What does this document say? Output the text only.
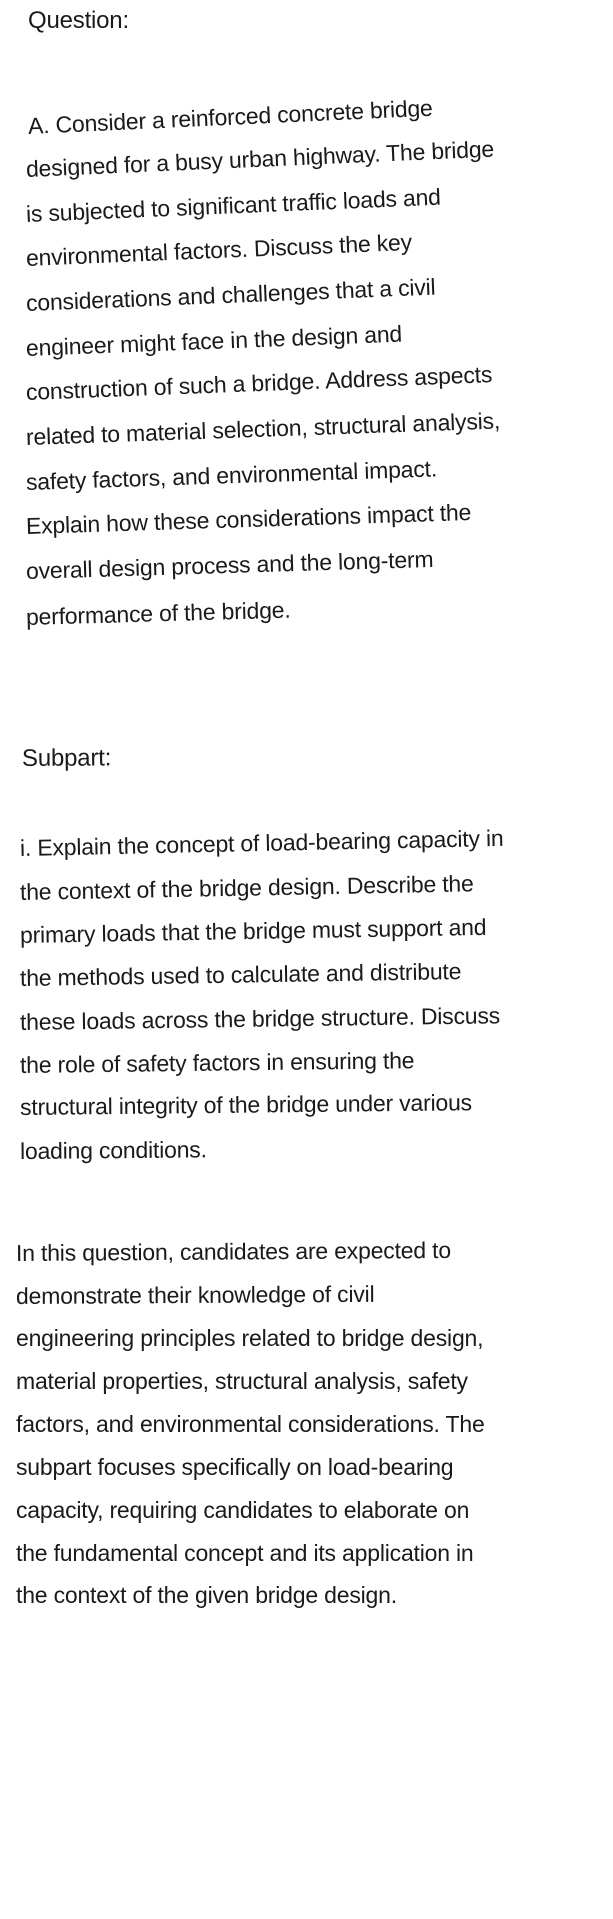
Question:
A. Consider a reinforced concrete bridge
designed for a busy urban highway. The bridge
is subjected to significant traffic loads and
environmental factors. Discuss the key
considerations and challenges that a civil
engineer might face in the design and
construction of such a bridge. Address aspects
related to material selection, structural analysis,
safety factors, and environmental impact.
Explain how these considerations impact the
overall design process and the long-term
performance of the bridge.
Subpart:
i. Explain the concept of load-bearing capacity in
the context of the bridge design. Describe the
primary loads that the bridge must support and
the methods used to calculate and distribute
these loads across the bridge structure. Discuss
the role of safety factors in ensuring the
structural integrity of the bridge under various
loading conditions.
In this question, candidates are expected to
demonstrate their knowledge of civil
engineering principles related to bridge design,
material properties, structural analysis, safety
factors, and environmental considerations. The
subpart focuses specifically on load-bearing
capacity, requiring candidates to elaborate on
the fundamental concept and its application in
the context of the given bridge design.
